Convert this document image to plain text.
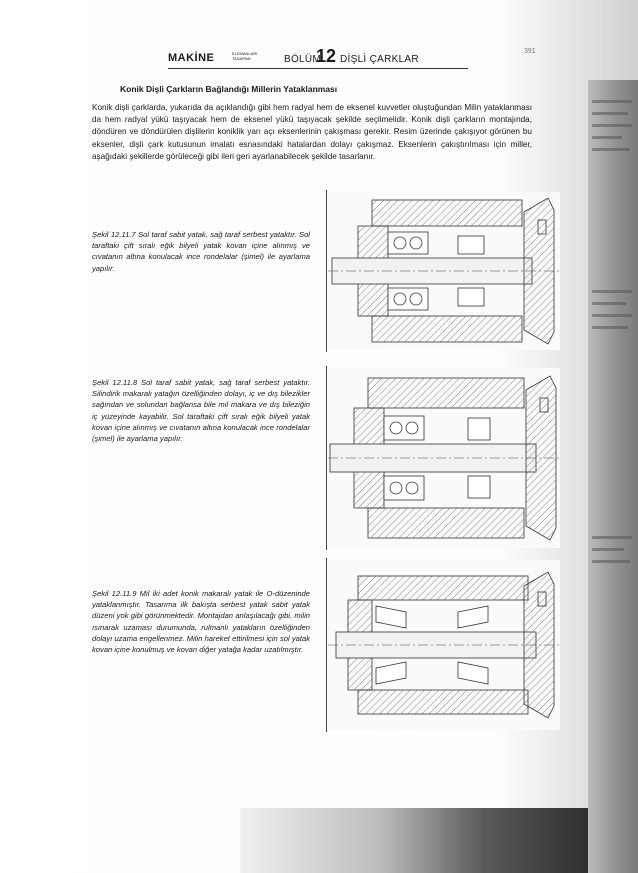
MAKİNE	ELEMANLARI TASARIMI	BÖLÜM:
12 DİŞLİ ÇARKLAR
391
Konik Dişli Çarkların Bağlandığı Millerin Yataklanması

Konik dişli çarklarda, yukarıda da açıklandığı gibi hem radyal hem de eksenel kuvvetler oluştuğundan Milin yataklanması da hem radyal yükü taşıyacak hem de eksenel yükü taşıyacak şekilde seçilmelidir. Konik dişli çarkların montajında, döndüren ve döndürülen dişlilerin koniklik yarı açı eksenlerinin çakışması gerekir. Resim üzerinde çakışıyor görünen bu eksenler, dişli çark kutusunun imalatı esnasındaki hatalardan dolayı çakışmaz. Eksenlerin çakıştırılması için miller, aşağıdaki şekillerde görüleceği gibi ileri geri ayarlanabilecek şekilde tasarlanır.

Şekil 12.11.7 Sol taraf sabit yatak, sağ taraf serbest yataktır. Sol taraftaki çift sıralı eğik bilyeli yatak kovan içine alınmış ve cıvatanın altına konulacak ince rondelalar (şimel) ile ayarlama yapılır.

Şekil 12.11.8 Sol taraf sabit yatak, sağ taraf serbest yataktır. Silindirik makaralı yatağın özelliğinden dolayı, iç ve dış bilezikler sağından ve solundan bağlansa bile mil makara ve dış bileziğin iç yüzeyinde kayabilir. Sol taraftaki çift sıralı eğik bilyeli yatak kovan içine alınmış ve cıvatanın altına konulacak ince rondelalar (şimel) ile ayarlama yapılır.

Şekil 12.11.9 Mil iki adet konik makaralı yatak ile O-düzeninde yataklanmıştır. Tasarıma ilk bakışta serbest yatak sabit yatak düzeni yok gibi görünmektedir. Montajdan anlaşılacağı gibi, milin ısınarak uzaması durumunda, rulmanlı yatakların özelliğinden dolayı uzama engellenmez. Milin hareket ettirilmesi için sol yatak kovan içine konulmuş ve kovan diğer yatağa kadar uzatılmıştır.
